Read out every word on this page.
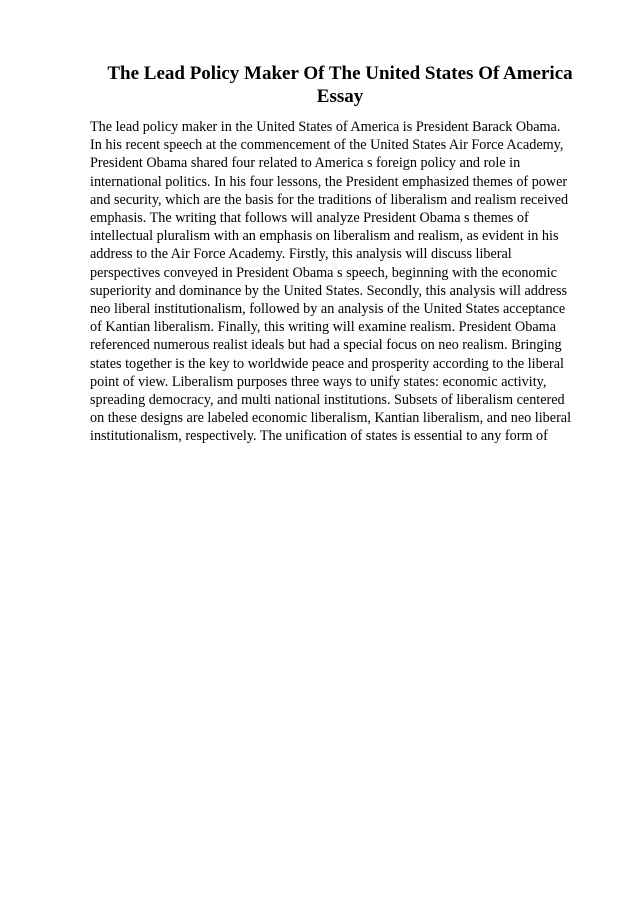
The Lead Policy Maker Of The United States Of America
Essay
The lead policy maker in the United States of America is President Barack Obama.
In his recent speech at the commencement of the United States Air Force Academy,
President Obama shared four related to America s foreign policy and role in
international politics. In his four lessons, the President emphasized themes of power
and security, which are the basis for the traditions of liberalism and realism received
emphasis. The writing that follows will analyze President Obama s themes of
intellectual pluralism with an emphasis on liberalism and realism, as evident in his
address to the Air Force Academy. Firstly, this analysis will discuss liberal
perspectives conveyed in President Obama s speech, beginning with the economic
superiority and dominance by the United States. Secondly, this analysis will address
neo liberal institutionalism, followed by an analysis of the United States acceptance
of Kantian liberalism. Finally, this writing will examine realism. President Obama
referenced numerous realist ideals but had a special focus on neo realism. Bringing
states together is the key to worldwide peace and prosperity according to the liberal
point of view. Liberalism purposes three ways to unify states: economic activity,
spreading democracy, and multi national institutions. Subsets of liberalism centered
on these designs are labeled economic liberalism, Kantian liberalism, and neo liberal
institutionalism, respectively. The unification of states is essential to any form of
